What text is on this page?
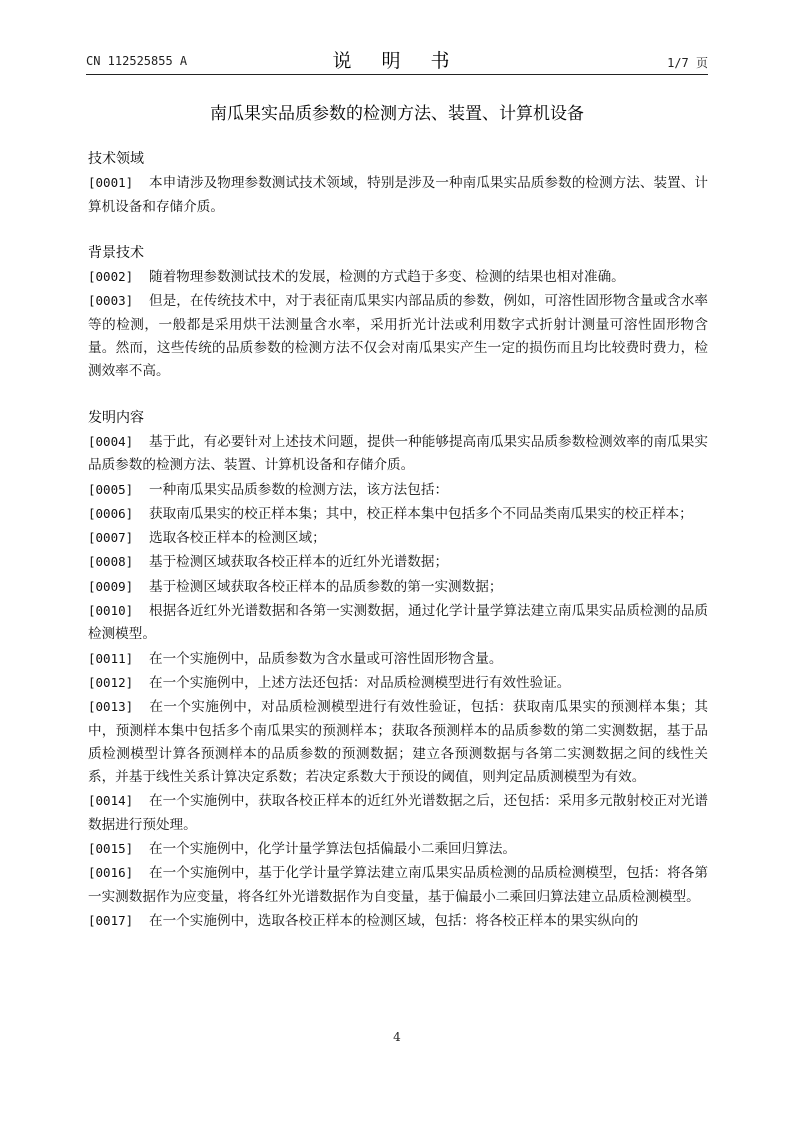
CN 112525855 A	说 明 书	1/7 页
南瓜果实品质参数的检测方法、装置、计算机设备
技术领域
[0001] 本申请涉及物理参数测试技术领域，特别是涉及一种南瓜果实品质参数的检测方法、装置、计算机设备和存储介质。
背景技术
[0002] 随着物理参数测试技术的发展，检测的方式趋于多变、检测的结果也相对准确。
[0003] 但是，在传统技术中，对于表征南瓜果实内部品质的参数，例如，可溶性固形物含量或含水率等的检测，一般都是采用烘干法测量含水率，采用折光计法或利用数字式折射计测量可溶性固形物含量。然而，这些传统的品质参数的检测方法不仅会对南瓜果实产生一定的损伤而且均比较费时费力，检测效率不高。
发明内容
[0004] 基于此，有必要针对上述技术问题，提供一种能够提高南瓜果实品质参数检测效率的南瓜果实品质参数的检测方法、装置、计算机设备和存储介质。
[0005] 一种南瓜果实品质参数的检测方法，该方法包括：
[0006] 获取南瓜果实的校正样本集；其中，校正样本集中包括多个不同品类南瓜果实的校正样本；
[0007] 选取各校正样本的检测区域；
[0008] 基于检测区域获取各校正样本的近红外光谱数据；
[0009] 基于检测区域获取各校正样本的品质参数的第一实测数据；
[0010] 根据各近红外光谱数据和各第一实测数据，通过化学计量学算法建立南瓜果实品质检测的品质检测模型。
[0011] 在一个实施例中，品质参数为含水量或可溶性固形物含量。
[0012] 在一个实施例中，上述方法还包括：对品质检测模型进行有效性验证。
[0013] 在一个实施例中，对品质检测模型进行有效性验证，包括：获取南瓜果实的预测样本集；其中，预测样本集中包括多个南瓜果实的预测样本；获取各预测样本的品质参数的第二实测数据，基于品质检测模型计算各预测样本的品质参数的预测数据；建立各预测数据与各第二实测数据之间的线性关系，并基于线性关系计算决定系数；若决定系数大于预设的阈值，则判定品质测模型为有效。
[0014] 在一个实施例中，获取各校正样本的近红外光谱数据之后，还包括：采用多元散射校正对光谱数据进行预处理。
[0015] 在一个实施例中，化学计量学算法包括偏最小二乘回归算法。
[0016] 在一个实施例中，基于化学计量学算法建立南瓜果实品质检测的品质检测模型，包括：将各第一实测数据作为应变量，将各红外光谱数据作为自变量，基于偏最小二乘回归算法建立品质检测模型。
[0017] 在一个实施例中，选取各校正样本的检测区域，包括：将各校正样本的果实纵向的
4
